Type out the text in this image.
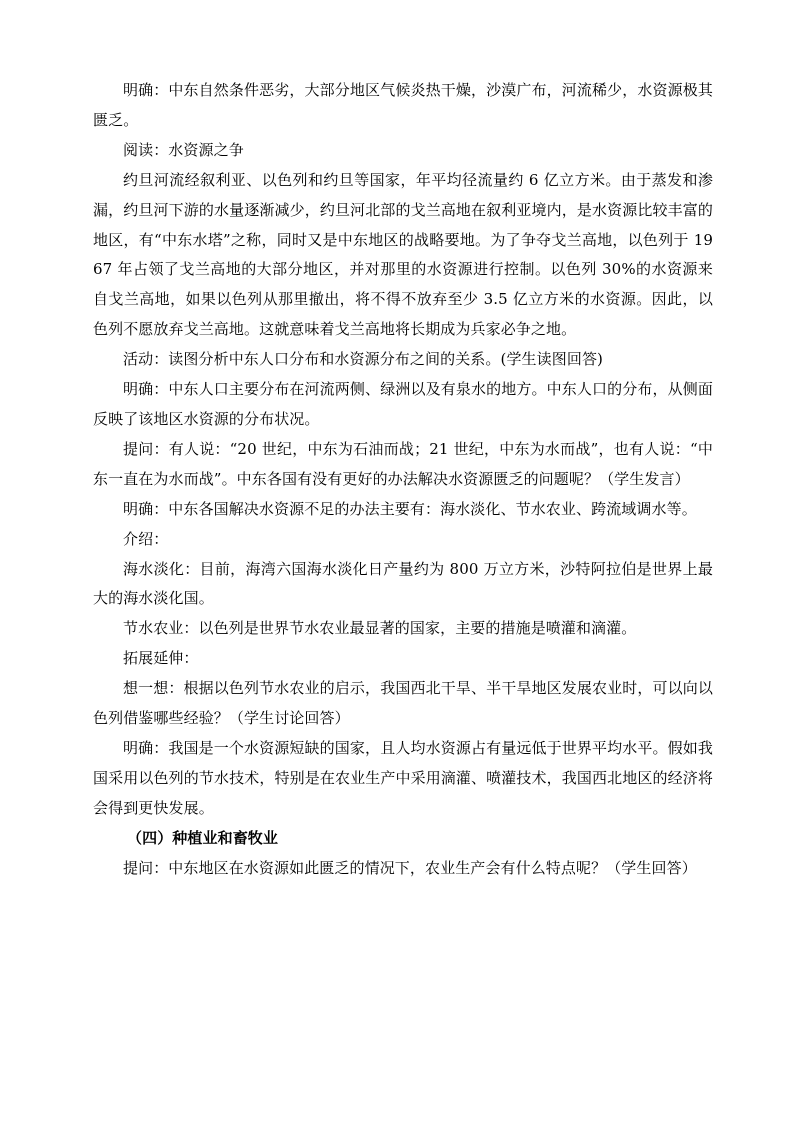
明确：中东自然条件恶劣，大部分地区气候炎热干燥，沙漠广布，河流稀少，水资源极其匮乏。

阅读：水资源之争

约旦河流经叙利亚、以色列和约旦等国家，年平均径流量约 6 亿立方米。由于蒸发和渗漏，约旦河下游的水量逐渐减少，约旦河北部的戈兰高地在叙利亚境内，是水资源比较丰富的地区，有“中东水塔”之称，同时又是中东地区的战略要地。为了争夺戈兰高地，以色列于 1967 年占领了戈兰高地的大部分地区，并对那里的水资源进行控制。以色列 30%的水资源来自戈兰高地，如果以色列从那里撤出，将不得不放弃至少 3.5 亿立方米的水资源。因此，以色列不愿放弃戈兰高地。这就意味着戈兰高地将长期成为兵家必争之地。

活动：读图分析中东人口分布和水资源分布之间的关系。(学生读图回答)

明确：中东人口主要分布在河流两侧、绿洲以及有泉水的地方。中东人口的分布，从侧面反映了该地区水资源的分布状况。

提问：有人说：“20 世纪，中东为石油而战；21 世纪，中东为水而战”，也有人说：“中东一直在为水而战”。中东各国有没有更好的办法解决水资源匮乏的问题呢？（学生发言）

明确：中东各国解决水资源不足的办法主要有：海水淡化、节水农业、跨流域调水等。

介绍：

海水淡化：目前，海湾六国海水淡化日产量约为 800 万立方米，沙特阿拉伯是世界上最大的海水淡化国。

节水农业：以色列是世界节水农业最显著的国家，主要的措施是喷灌和滴灌。

拓展延伸：

想一想：根据以色列节水农业的启示，我国西北干旱、半干旱地区发展农业时，可以向以色列借鉴哪些经验？（学生讨论回答）

明确：我国是一个水资源短缺的国家，且人均水资源占有量远低于世界平均水平。假如我国采用以色列的节水技术，特别是在农业生产中采用滴灌、喷灌技术，我国西北地区的经济将会得到更快发展。

（四）种植业和畜牧业

提问：中东地区在水资源如此匮乏的情况下，农业生产会有什么特点呢？（学生回答）
